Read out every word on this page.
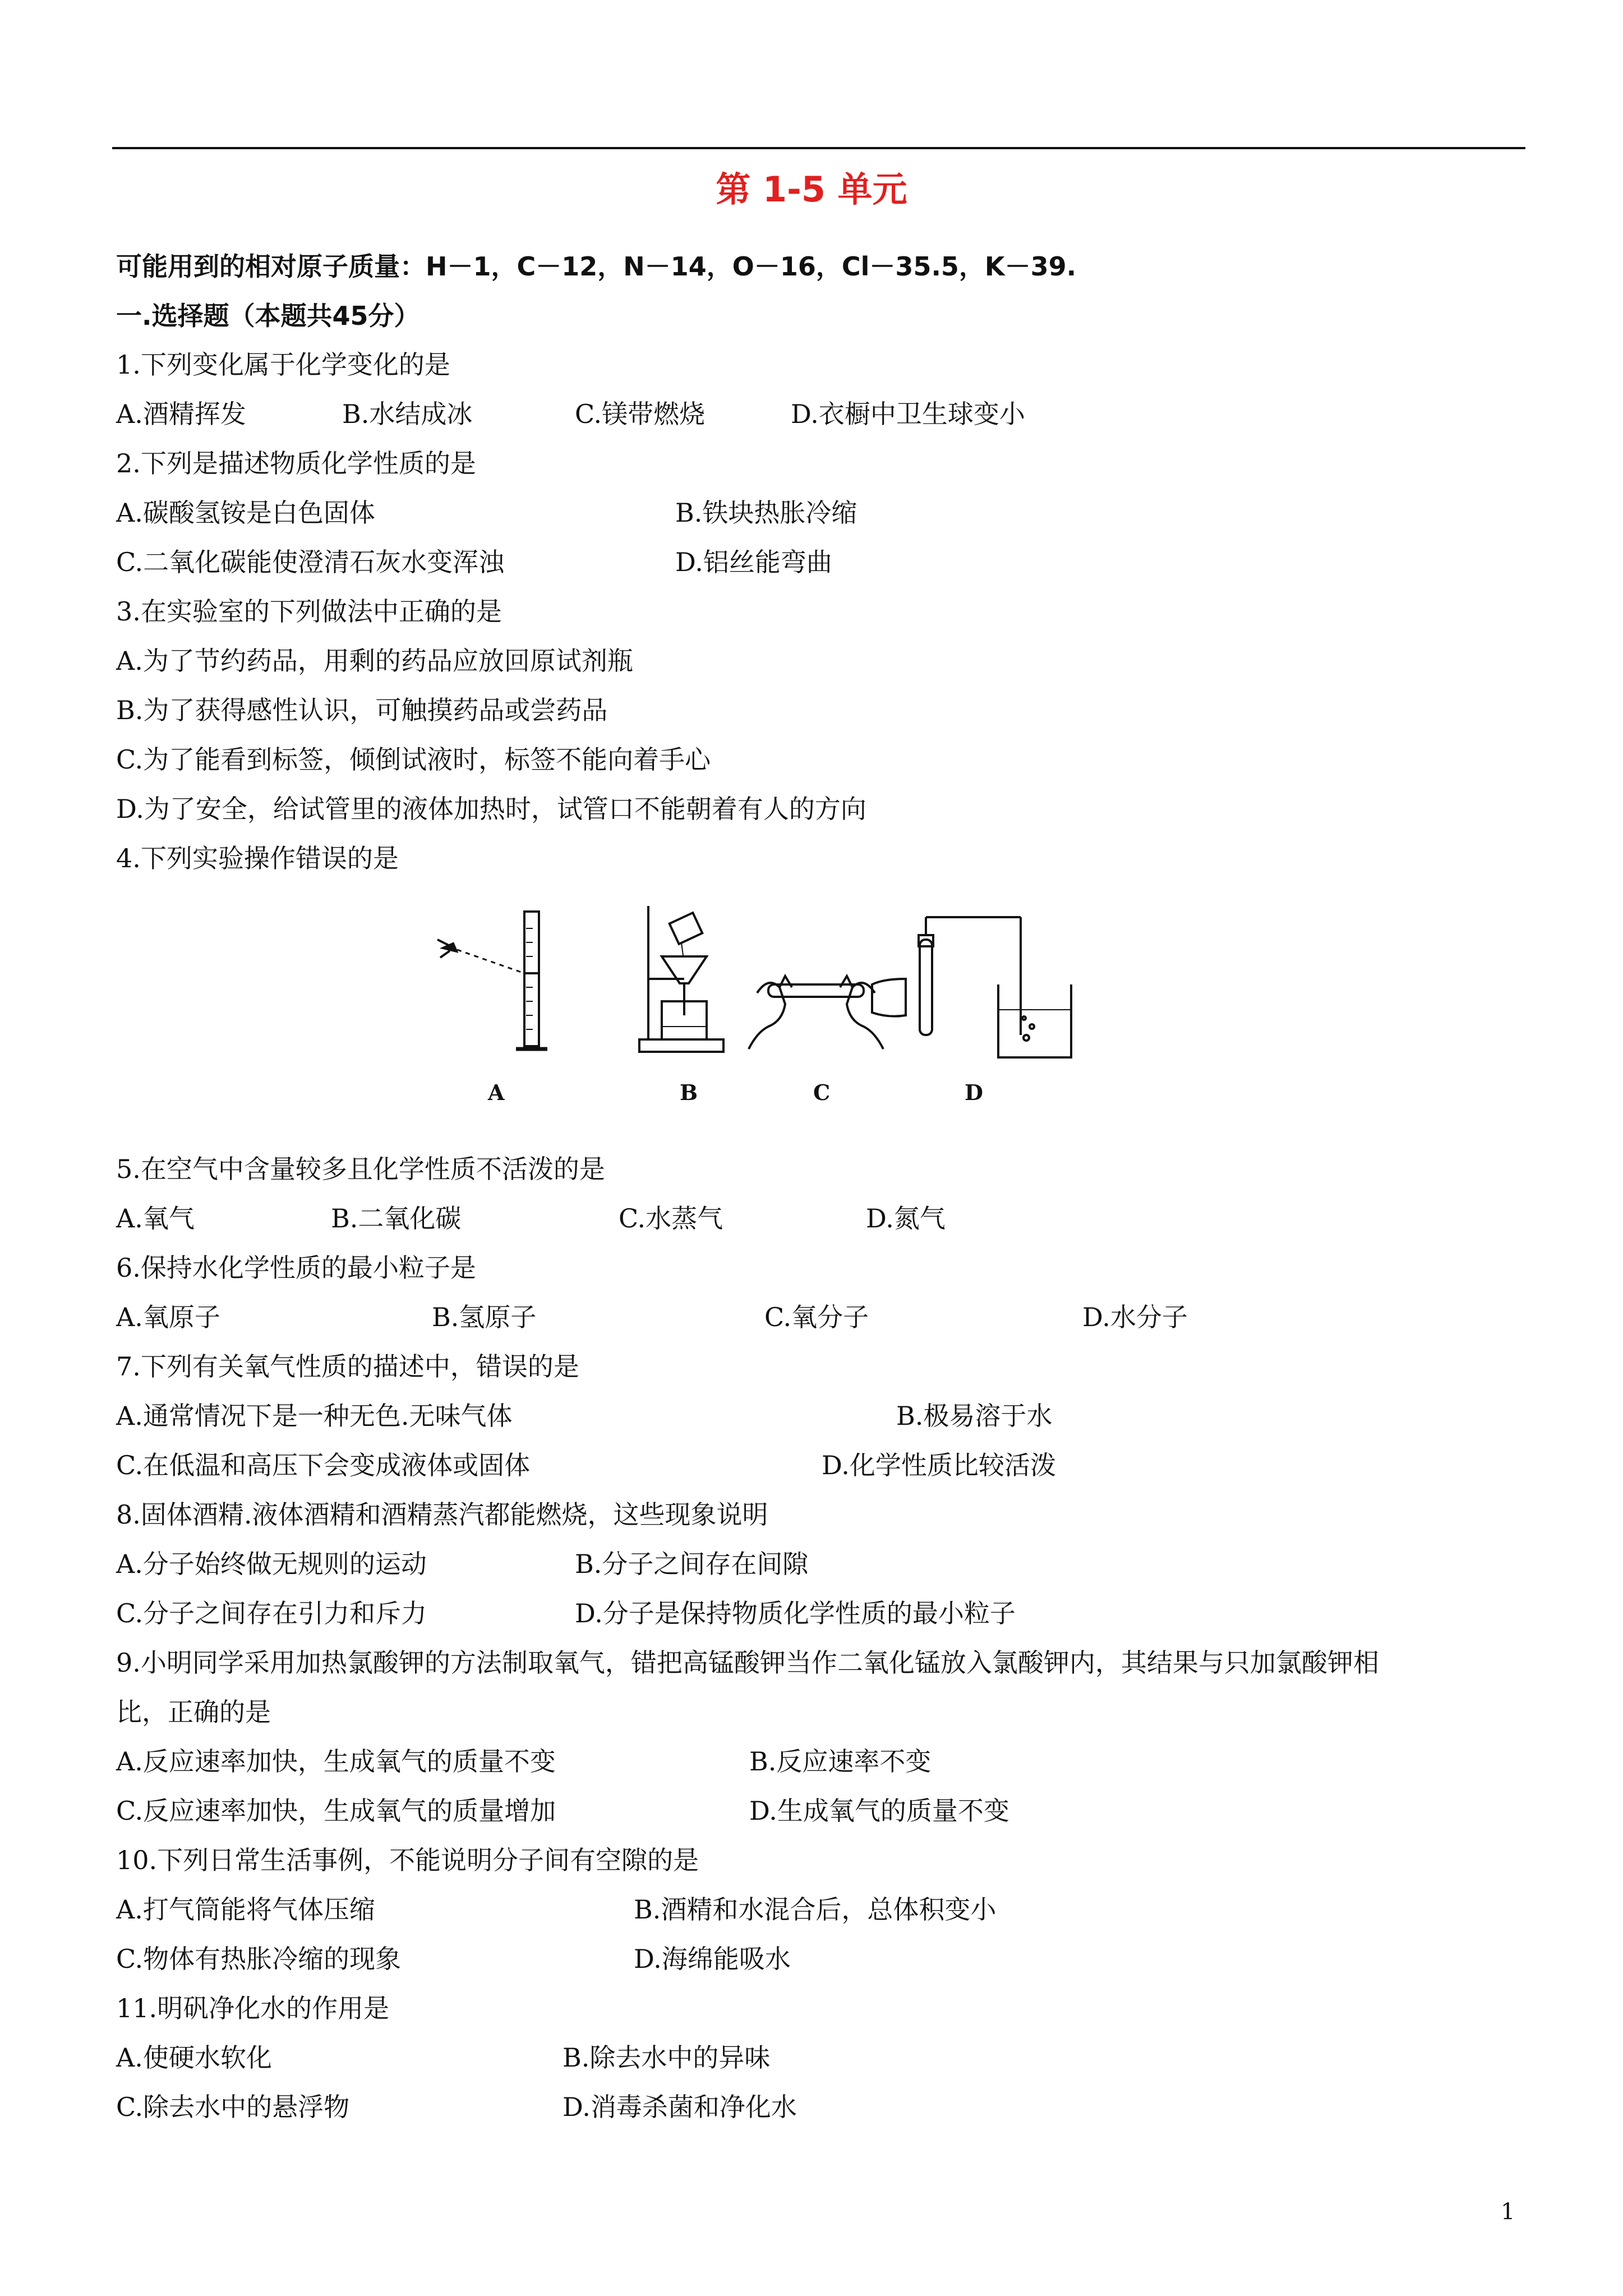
第 1-5 单元
可能用到的相对原子质量：H－1，C－12，N－14，O－16，Cl－35.5，K－39.
一.选择题（本题共45分）
1.下列变化属于化学变化的是
A.酒精挥发	B.水结成冰	C.镁带燃烧	D.衣橱中卫生球变小
2.下列是描述物质化学性质的是
A.碳酸氢铵是白色固体	B.铁块热胀冷缩
C.二氧化碳能使澄清石灰水变浑浊	D.铝丝能弯曲
3.在实验室的下列做法中正确的是
A.为了节约药品，用剩的药品应放回原试剂瓶
B.为了获得感性认识，可触摸药品或尝药品
C.为了能看到标签，倾倒试液时，标签不能向着手心
D.为了安全，给试管里的液体加热时，试管口不能朝着有人的方向
4.下列实验操作错误的是
A	B	C	D
5.在空气中含量较多且化学性质不活泼的是
A.氧气	B.二氧化碳	C.水蒸气	D.氮气
6.保持水化学性质的最小粒子是
A.氧原子	B.氢原子	C.氧分子	D.水分子
7.下列有关氧气性质的描述中，错误的是
A.通常情况下是一种无色.无味气体	B.极易溶于水
C.在低温和高压下会变成液体或固体	D.化学性质比较活泼
8.固体酒精.液体酒精和酒精蒸汽都能燃烧，这些现象说明
A.分子始终做无规则的运动	B.分子之间存在间隙
C.分子之间存在引力和斥力	D.分子是保持物质化学性质的最小粒子
9.小明同学采用加热氯酸钾的方法制取氧气，错把高锰酸钾当作二氧化锰放入氯酸钾内，其结果与只加氯酸钾相
比，正确的是
A.反应速率加快，生成氧气的质量不变	B.反应速率不变
C.反应速率加快，生成氧气的质量增加	D.生成氧气的质量不变
10.下列日常生活事例，不能说明分子间有空隙的是
A.打气筒能将气体压缩	B.酒精和水混合后，总体积变小
C.物体有热胀冷缩的现象	D.海绵能吸水
11.明矾净化水的作用是
A.使硬水软化	B.除去水中的异味
C.除去水中的悬浮物	D.消毒杀菌和净化水
1
